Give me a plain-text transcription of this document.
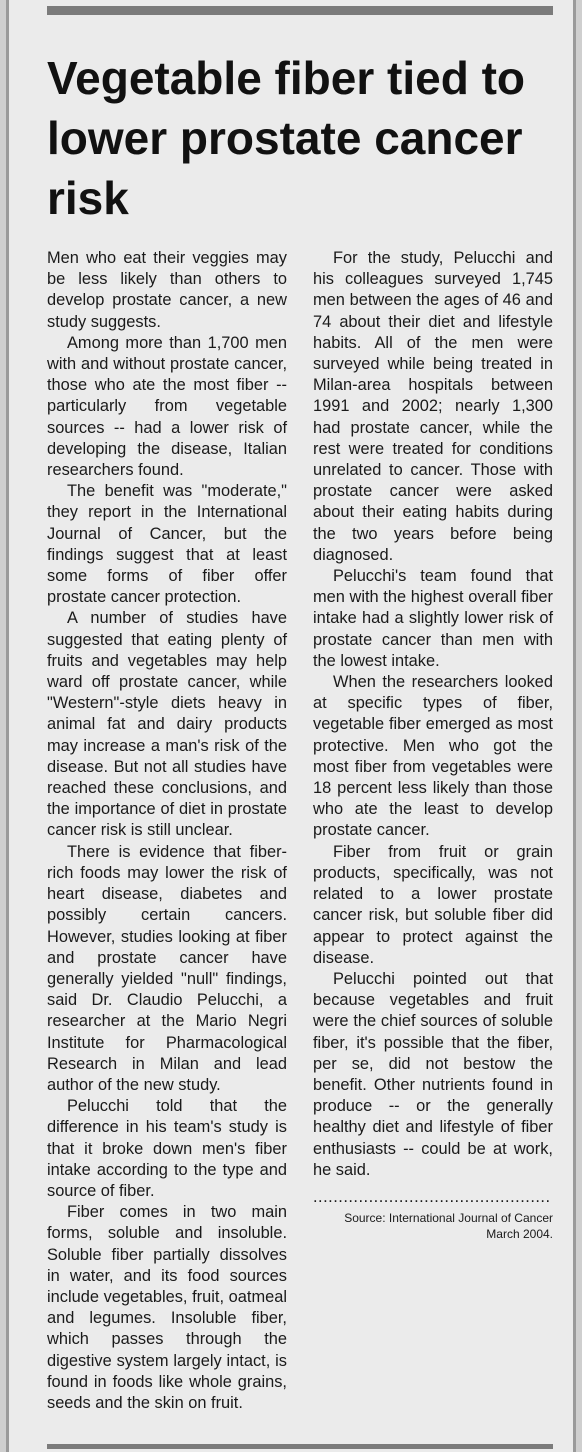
Vegetable fiber tied to lower prostate cancer risk

Men who eat their veggies may be less likely than others to develop prostate cancer, a new study suggests.

Among more than 1,700 men with and without prostate cancer, those who ate the most fiber -- particularly from vegetable sources -- had a lower risk of developing the disease, Italian researchers found.

The benefit was "moderate," they report in the International Journal of Cancer, but the findings suggest that at least some forms of fiber offer prostate cancer protection.

A number of studies have suggested that eating plenty of fruits and vegetables may help ward off prostate cancer, while "Western"-style diets heavy in animal fat and dairy products may increase a man's risk of the disease. But not all studies have reached these conclusions, and the importance of diet in prostate cancer risk is still unclear.

There is evidence that fiber-rich foods may lower the risk of heart disease, diabetes and possibly certain cancers. However, studies looking at fiber and prostate cancer have generally yielded "null" findings, said Dr. Claudio Pelucchi, a researcher at the Mario Negri Institute for Pharmacological Research in Milan and lead author of the new study.

Pelucchi told that the difference in his team's study is that it broke down men's fiber intake according to the type and source of fiber.

Fiber comes in two main forms, soluble and insoluble. Soluble fiber partially dissolves in water, and its food sources include vegetables, fruit, oatmeal and legumes. Insoluble fiber, which passes through the digestive system largely intact, is found in foods like whole grains, seeds and the skin on fruit.

For the study, Pelucchi and his colleagues surveyed 1,745 men between the ages of 46 and 74 about their diet and lifestyle habits. All of the men were surveyed while being treated in Milan-area hospitals between 1991 and 2002; nearly 1,300 had prostate cancer, while the rest were treated for conditions unrelated to cancer. Those with prostate cancer were asked about their eating habits during the two years before being diagnosed.

Pelucchi's team found that men with the highest overall fiber intake had a slightly lower risk of prostate cancer than men with the lowest intake.

When the researchers looked at specific types of fiber, vegetable fiber emerged as most protective. Men who got the most fiber from vegetables were 18 percent less likely than those who ate the least to develop prostate cancer.

Fiber from fruit or grain products, specifically, was not related to a lower prostate cancer risk, but soluble fiber did appear to protect against the disease.

Pelucchi pointed out that because vegetables and fruit were the chief sources of soluble fiber, it's possible that the fiber, per se, did not bestow the benefit. Other nutrients found in produce -- or the generally healthy diet and lifestyle of fiber enthusiasts -- could be at work, he said.

...............................................

Source: International Journal of Cancer
March 2004.
